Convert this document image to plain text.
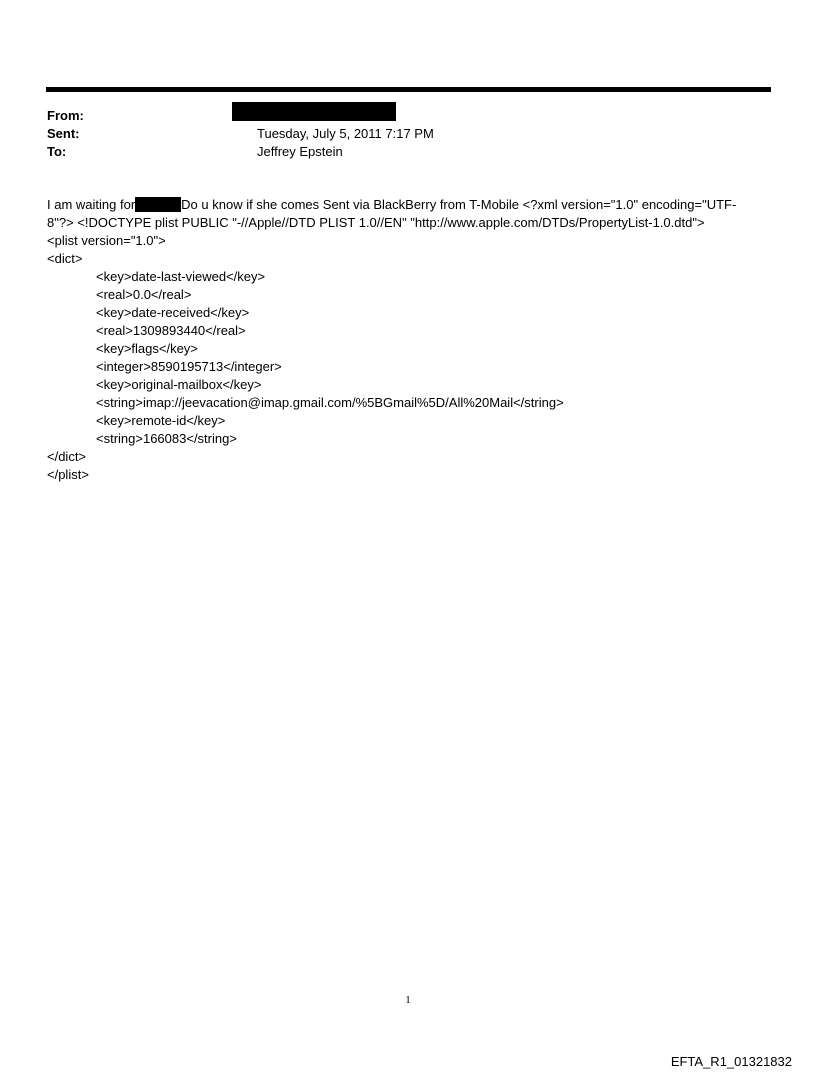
From:
Sent:	Tuesday, July 5, 2011 7:17 PM
To:	Jeffrey Epstein

I am waiting for	Do u know if she comes Sent via BlackBerry from T-Mobile <?xml version="1.0" encoding="UTF-

8"?> <!DOCTYPE plist PUBLIC "-//Apple//DTD PLIST 1.0//EN" "http://www.apple.com/DTDs/PropertyList-1.0.dtd">

<plist version="1.0">

<dict>

<key>date-last-viewed</key>

<real>0.0</real>

<key>date-received</key>

<real>1309893440</real>

<key>flags</key>

<integer>8590195713</integer>

<key>original-mailbox</key>

<string>imap://jeevacation@imap.gmail.com/%5BGmail%5D/All%20Mail</string>

<key>remote-id</key>

<string>166083</string>

</dict>

</plist>

1
EFTA_R1_01321832
